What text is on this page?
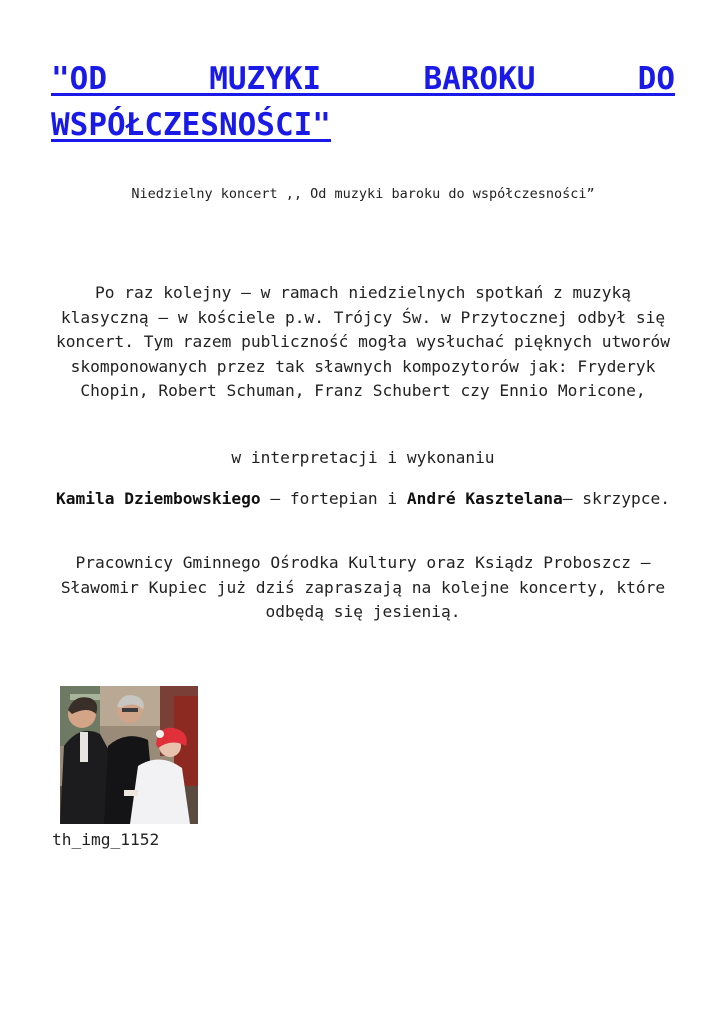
"OD MUZYKI BAROKU DO WSPÓŁCZESNOŚCI"
Niedzielny koncert ,, Od muzyki baroku do współczesności”

Po raz kolejny – w ramach niedzielnych spotkań z muzyką klasyczną – w kościele p.w. Trójcy Św. w Przytocznej odbył się koncert. Tym razem publiczność mogła wysłuchać pięknych utworów skomponowanych przez tak sławnych kompozytorów jak: Fryderyk Chopin, Robert Schuman, Franz Schubert czy Ennio Moricone,

w interpretacji i wykonaniu

Kamila Dziembowskiego – fortepian i André Kasztelana– skrzypce.

Pracownicy Gminnego Ośrodka Kultury oraz Ksiądz Proboszcz – Sławomir Kupiec już dziś zapraszają na kolejne koncerty, które odbędą się jesienią.

th_img_1152
